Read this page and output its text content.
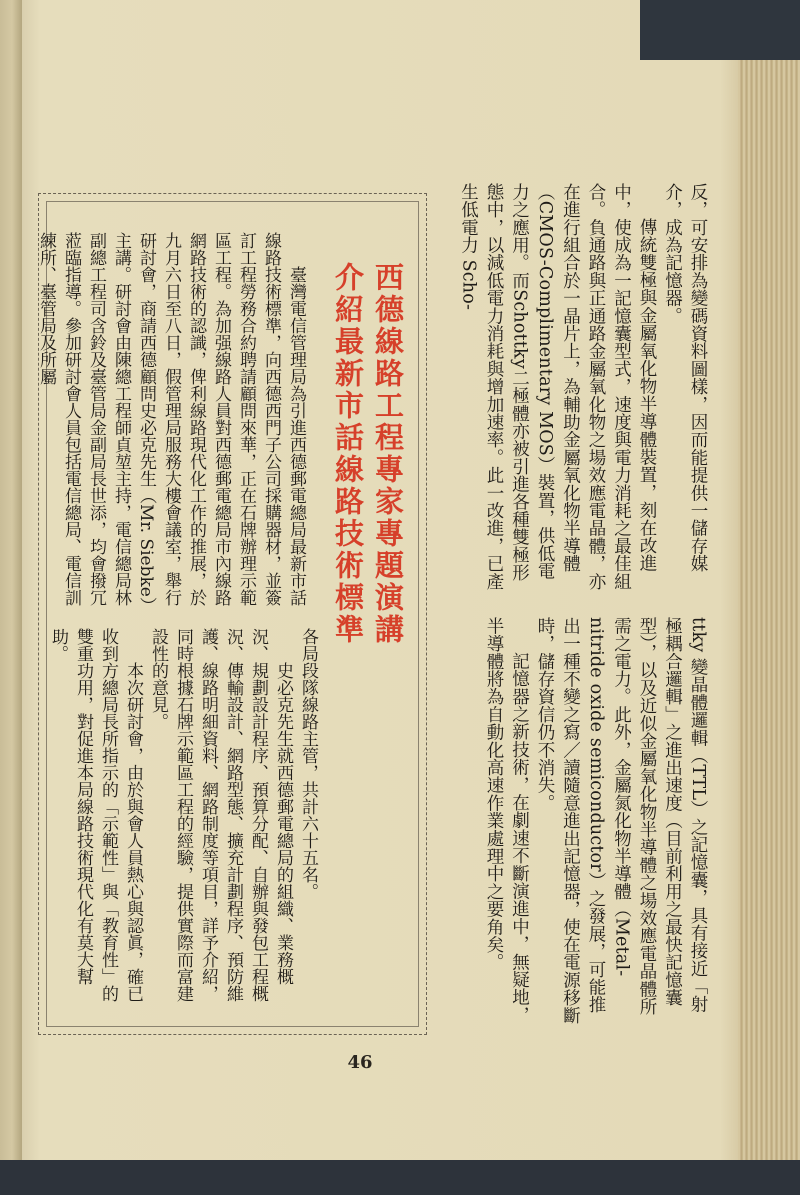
反，可安排為變碼資料圖樣，因而能提供一儲存媒介，成為記憶器。

傳統雙極與金屬氧化物半導體裝置，刻在改進中，使成為一記憶囊型式，速度與電力消耗之最佳組合。負通路與正通路金屬氧化物之場效應電晶體，亦在進行組合於一晶片上，為輔助金屬氧化物半導體（CMOS-Complimentary MOS）裝置，供低電力之應用。而Schottky二極體亦被引進各種雙極形態中，以減低電力消耗與增加速率。此一改進，已產生低電力 Scho-

ttky 變晶體邏輯（TTL）之記憶囊，具有接近「射極耦合邏輯」之進出速度（目前利用之最快記憶囊型），以及近似金屬氧化物半導體之場效應電晶體所需之電力。此外，金屬氮化物半導體（Metal-nitride oxide semiconductor）之發展，可能推出一種不變之寫／讀隨意進出記憶器，使在電源移斷時，儲存資信仍不消失。

記憶器之新技術，在劇速不斷演進中，無疑地，半導體將為自動化高速作業處理中之要角矣。

西德線路工程專家專題演講
介紹最新市話線路技術標準

臺灣電信管理局為引進西德郵電總局最新市話線路技術標準，向西德西門子公司採購器材，並簽訂工程勞務合約聘請顧問來華，正在石牌辦理示範區工程。為加强線路人員對西德郵電總局市內線路網路技術的認識，俾利線路現代化工作的推展，於九月六日至八日，假管理局服務大樓會議室，舉行研討會，商請西德顧問史必克先生（Mr. Siebke）主講。研討會由陳總工程師貞堃主持，電信總局林副總工程司含鈴及臺管局金副局長世添，均會撥冗蒞臨指導。參加研討會人員包括電信總局、電信訓練所、臺管局及所屬

各局段隊線路主管，共計六十五名。

史必克先生就西德郵電總局的組織、業務概況、規劃設計程序、預算分配、自辦與發包工程概況、傳輸設計、網路型態、擴充計劃程序、預防維護、線路明細資料、網路制度等項目，詳予介紹，同時根據石牌示範區工程的經驗，提供實際而富建設性的意見。

本次研討會，由於與會人員熱心與認眞，確已收到方總局長所指示的「示範性」與「教育性」的雙重功用，對促進本局線路技術現代化有莫大幫助。

46
